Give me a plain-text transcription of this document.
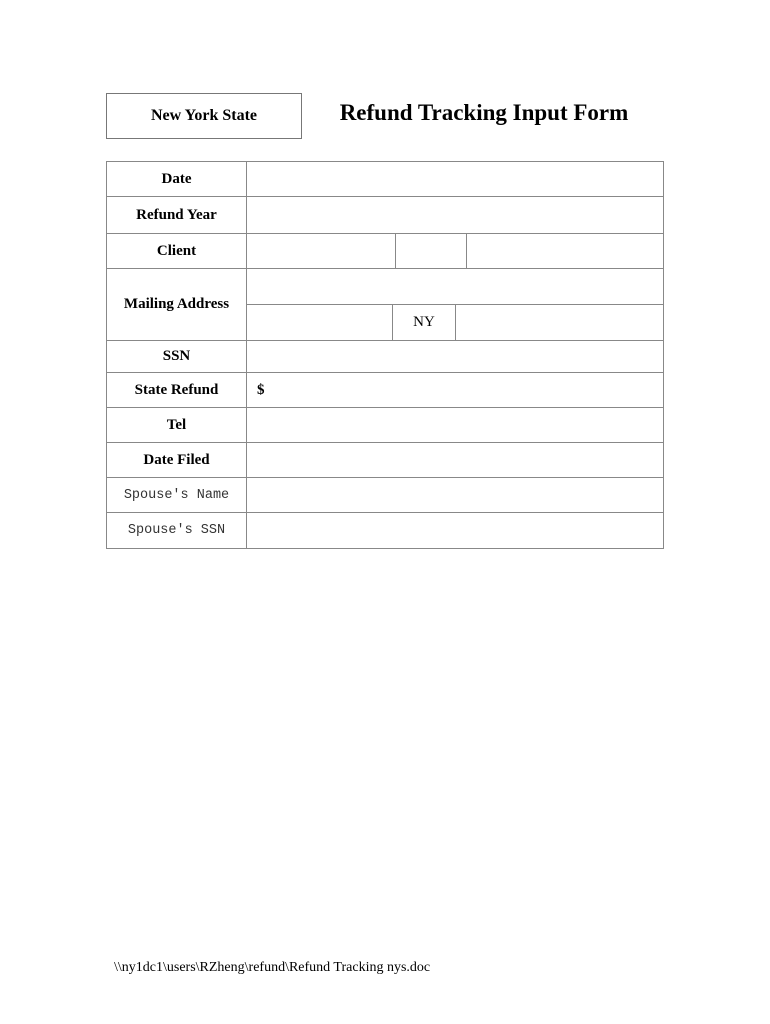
New York State	Refund Tracking Input Form
Date
Refund Year
Client
Mailing Address
NY
SSN
State Refund	$
Tel
Date Filed
Spouse's Name
Spouse's SSN
\\ny1dc1\users\RZheng\refund\Refund Tracking nys.doc
